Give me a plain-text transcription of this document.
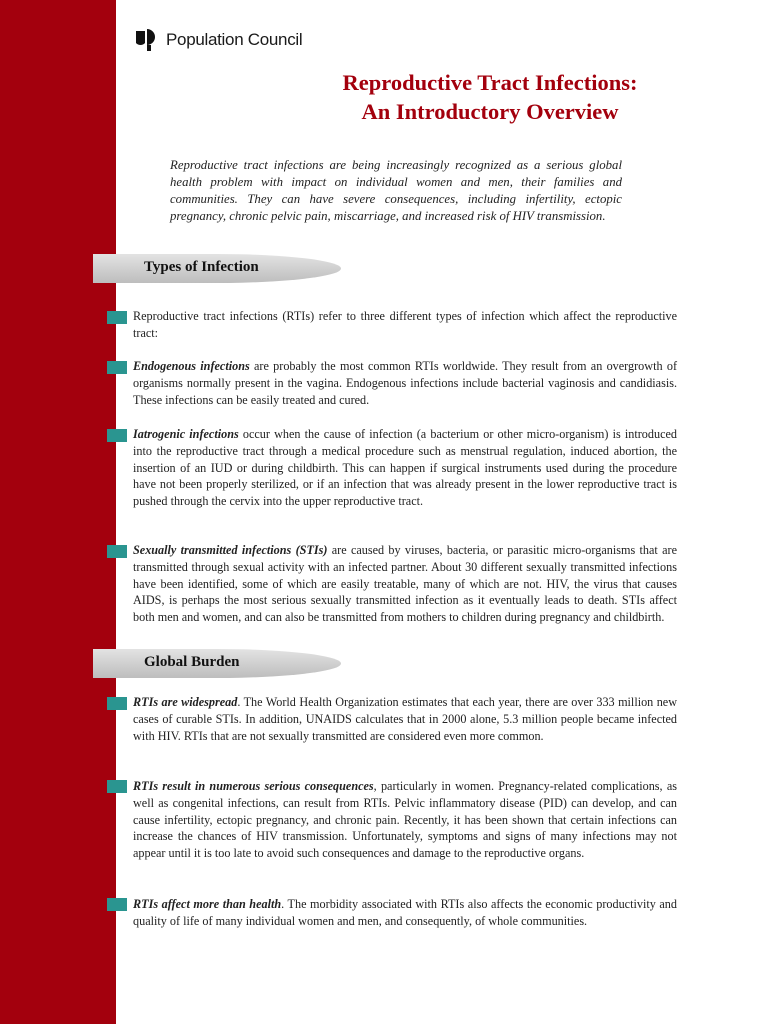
Population Council
Reproductive Tract Infections:
An Introductory Overview
Reproductive tract infections are being increasingly recognized as a serious global health problem with impact on individual women and men, their families and communities. They can have severe consequences, including infertility, ectopic pregnancy, chronic pelvic pain, miscarriage, and increased risk of HIV transmission.
Types of Infection
Reproductive tract infections (RTIs) refer to three different types of infection which affect the reproductive tract:
Endogenous infections are probably the most common RTIs worldwide. They result from an overgrowth of organisms normally present in the vagina. Endogenous infections include bacterial vaginosis and candidiasis. These infections can be easily treated and cured.
Iatrogenic infections occur when the cause of infection (a bacterium or other micro-organism) is introduced into the reproductive tract through a medical procedure such as menstrual regulation, induced abortion, the insertion of an IUD or during childbirth. This can happen if surgical instruments used during the procedure have not been properly sterilized, or if an infection that was already present in the lower reproductive tract is pushed through the cervix into the upper reproductive tract.
Sexually transmitted infections (STIs) are caused by viruses, bacteria, or parasitic micro-organisms that are transmitted through sexual activity with an infected partner. About 30 different sexually transmitted infections have been identified, some of which are easily treatable, many of which are not. HIV, the virus that causes AIDS, is perhaps the most serious sexually transmitted infection as it eventually leads to death. STIs affect both men and women, and can also be transmitted from mothers to children during pregnancy and childbirth.
Global Burden
RTIs are widespread. The World Health Organization estimates that each year, there are over 333 million new cases of curable STIs. In addition, UNAIDS calculates that in 2000 alone, 5.3 million people became infected with HIV. RTIs that are not sexually transmitted are considered even more common.
RTIs result in numerous serious consequences, particularly in women. Pregnancy-related complications, as well as congenital infections, can result from RTIs. Pelvic inflammatory disease (PID) can develop, and can cause infertility, ectopic pregnancy, and chronic pain. Recently, it has been shown that certain infections can increase the chances of HIV transmission. Unfortunately, symptoms and signs of many infections may not appear until it is too late to avoid such consequences and damage to the reproductive organs.
RTIs affect more than health. The morbidity associated with RTIs also affects the economic productivity and quality of life of many individual women and men, and consequently, of whole communities.
